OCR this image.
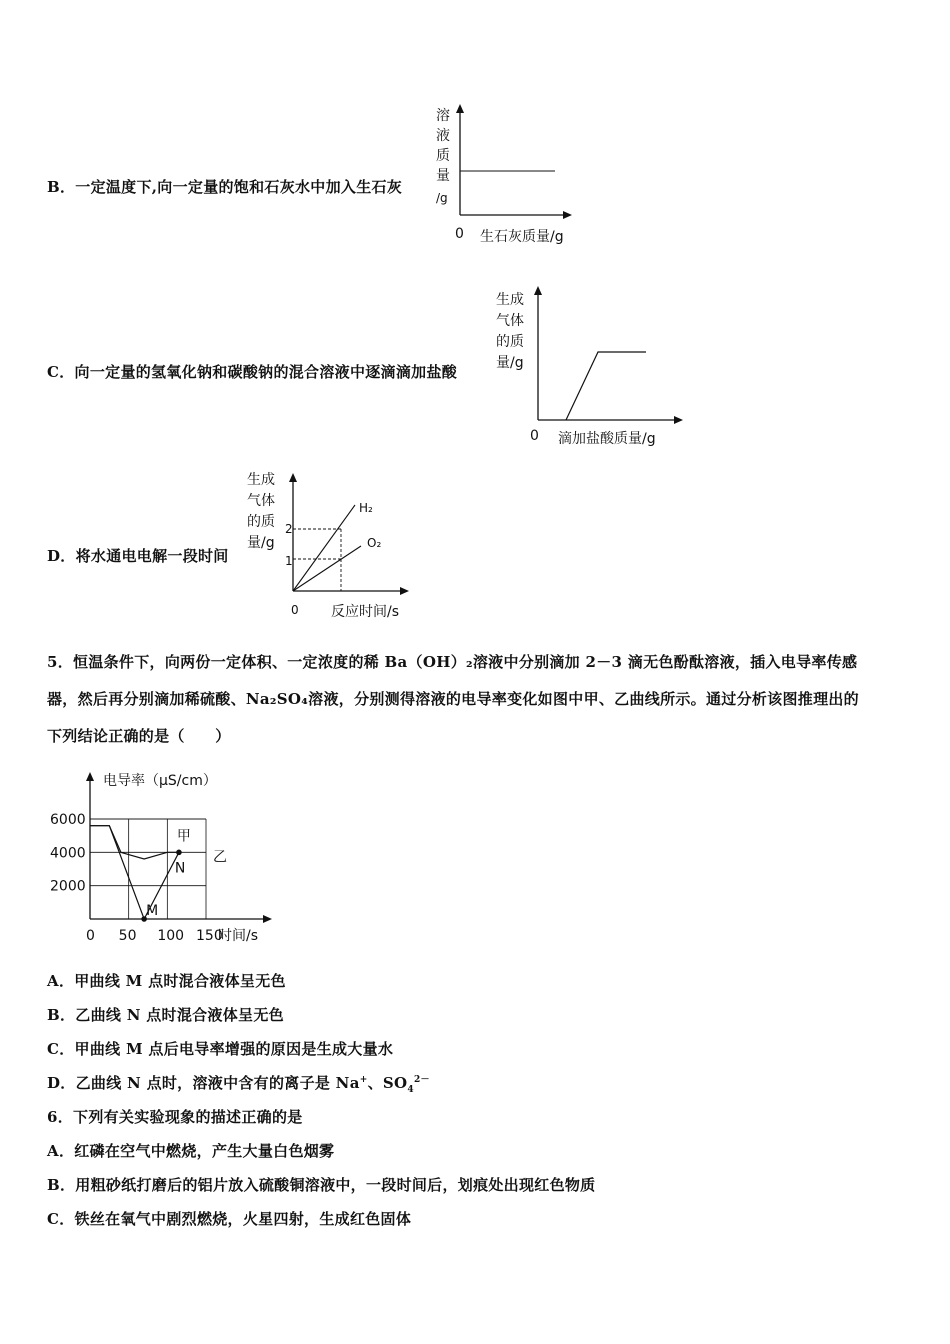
B．一定温度下,向一定量的饱和石灰水中加入生石灰
溶
液
质
量
/g
0 生石灰质量/g
C．向一定量的氢氧化钠和碳酸钠的混合溶液中逐滴滴加盐酸
生成
气体
的质
量/g
0 滴加盐酸质量/g
D．将水通电电解一段时间
生成
气体
的质
量/g
2
1
H₂
O₂
0 反应时间/s
5．恒温条件下，向两份一定体积、一定浓度的稀 Ba（OH）₂溶液中分别滴加 2－3 滴无色酚酞溶液，插入电导率传感
器，然后再分别滴加稀硫酸、Na₂SO₄溶液，分别测得溶液的电导率变化如图中甲、乙曲线所示。通过分析该图推理出的
下列结论正确的是（　　）
2000
4000
6000
0 50 100 150
电导率（μS/cm）
时间/s
甲
乙
M
N
A．甲曲线 M 点时混合液体呈无色
B．乙曲线 N 点时混合液体呈无色
C．甲曲线 M 点后电导率增强的原因是生成大量水
D．乙曲线 N 点时，溶液中含有的离子是 Na+、$SO_4^{2-}$
6．下列有关实验现象的描述正确的是
A．红磷在空气中燃烧，产生大量白色烟雾
B．用粗砂纸打磨后的铝片放入硫酸铜溶液中，一段时间后，划痕处出现红色物质
C．铁丝在氧气中剧烈燃烧，火星四射，生成红色固体
